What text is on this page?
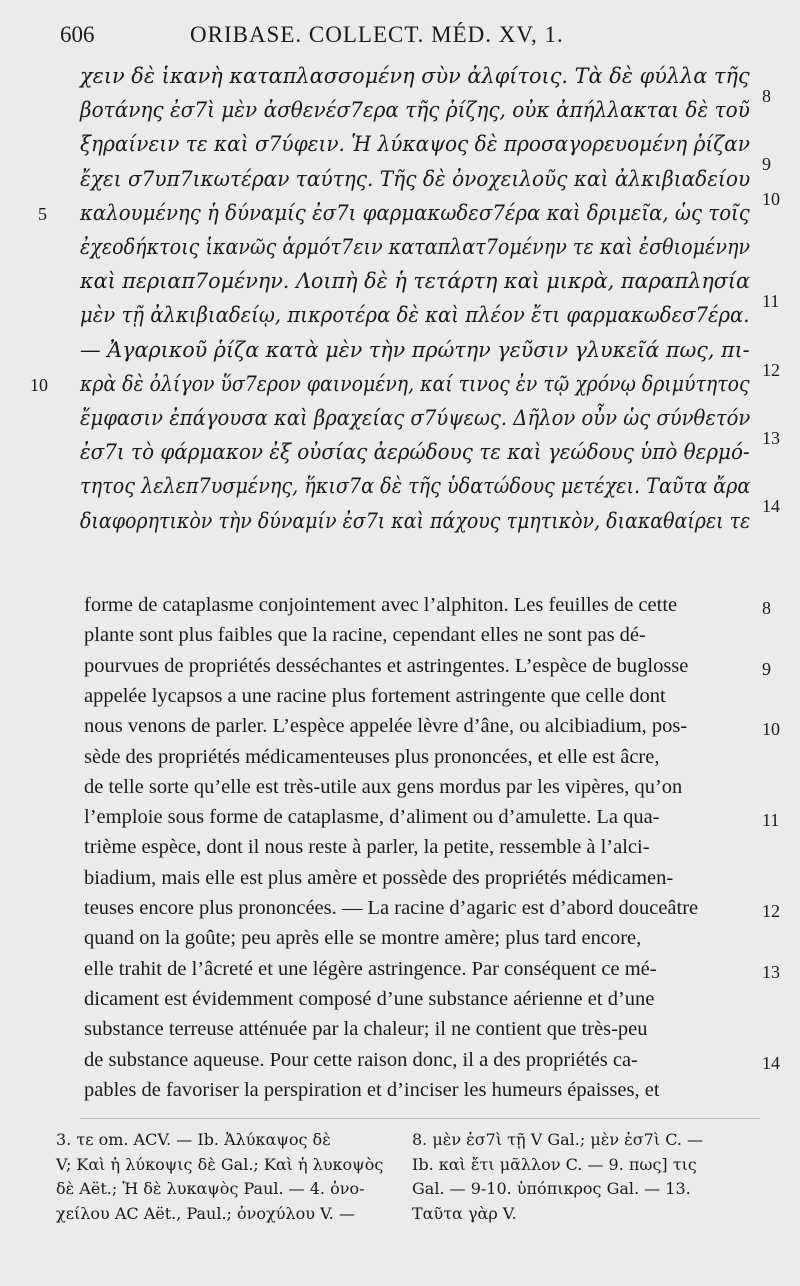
606	ORIBASE. COLLECT. MÉD. XV, 1.
χειν δὲ ἱκανὴ καταπλασσομένη σὺν ἀλφίτοις. Τὰ δὲ φύλλα τῆς
8
βοτάνης ἐσ7ὶ μὲν ἀσθενέσ7ερα τῆς ῥίζης, οὐκ ἀπήλλακται δὲ τοῦ
ξηραίνειν τε καὶ σ7ύφειν. Ἡ λύκαψος δὲ προσαγορευομένη ῥίζαν
9
ἔχει σ7υπ7ικωτέραν ταύτης. Τῆς δὲ ὀνοχειλοῦς καὶ ἀλκιβιαδείου
10
καλουμένης ἡ δύναμίς ἐσ7ι φαρμακωδεσ7έρα καὶ δριμεῖα, ὡς τοῖς
5
ἐχεοδήκτοις ἱκανῶς ἁρμότ7ειν καταπλατ7ομένην τε καὶ ἐσθιομένην
καὶ περιαπ7ομένην. Λοιπὴ δὲ ἡ τετάρτη καὶ μικρὰ, παραπλησία
11
μὲν τῇ ἀλκιβιαδείῳ, πικροτέρα δὲ καὶ πλέον ἔτι φαρμακωδεσ7έρα.
— Ἀγαρικοῦ ῥίζα κατὰ μὲν τὴν πρώτην γεῦσιν γλυκεῖά πως, πι-
12
κρὰ δὲ ὀλίγον ὕσ7ερον φαινομένη, καί τινος ἐν τῷ χρόνῳ δριμύτητος
10
ἔμφασιν ἐπάγουσα καὶ βραχείας σ7ύψεως. Δῆλον οὖν ὡς σύνθετόν
13
ἐσ7ι τὸ φάρμακον ἐξ οὐσίας ἀερώδους τε καὶ γεώδους ὑπὸ θερμό-
τητος λελεπ7υσμένης, ἥκισ7α δὲ τῆς ὑδατώδους μετέχει. Ταῦτα ἄρα
14
διαφορητικὸν τὴν δύναμίν ἐσ7ι καὶ πάχους τμητικὸν, διακαθαίρει τε
forme de cataplasme conjointement avec l’alphiton. Les feuilles de cette	8
plante sont plus faibles que la racine, cependant elles ne sont pas dé-
pourvues de propriétés desséchantes et astringentes. L’espèce de buglosse	9
appelée lycapsos a une racine plus fortement astringente que celle dont
nous venons de parler. L’espèce appelée lèvre d’âne, ou alcibiadium, pos-	10
sède des propriétés médicamenteuses plus prononcées, et elle est âcre,
de telle sorte qu’elle est très-utile aux gens mordus par les vipères, qu’on
l’emploie sous forme de cataplasme, d’aliment ou d’amulette. La qua-	11
trième espèce, dont il nous reste à parler, la petite, ressemble à l’alci-
biadium, mais elle est plus amère et possède des propriétés médicamen-
teuses encore plus prononcées. — La racine d’agaric est d’abord douceâtre	12
quand on la goûte; peu après elle se montre amère; plus tard encore,
elle trahit de l’âcreté et une légère astringence. Par conséquent ce mé-	13
dicament est évidemment composé d’une substance aérienne et d’une
substance terreuse atténuée par la chaleur; il ne contient que très-peu
de substance aqueuse. Pour cette raison donc, il a des propriétés ca-	14
pables de favoriser la perspiration et d’inciser les humeurs épaisses, et
3. τε om. ACV. — Ib. Ἀλύκαψος δὲ
V; Καὶ ἡ λύκοψις δὲ Gal.; Καὶ ἡ λυκοψὸς
δὲ Aët.; Ἡ δὲ λυκαψὸς Paul. — 4. ὀνο-
χείλου AC Aët., Paul.; ὀνοχύλου V. —
8. μὲν ἐσ7ὶ τῇ V Gal.; μὲν ἐσ7ὶ C. —
Ib. καὶ ἔτι μᾶλλον C. — 9. πως] τις
Gal. — 9-10. ὑπόπικρος Gal. — 13.
Ταῦτα γὰρ V.
